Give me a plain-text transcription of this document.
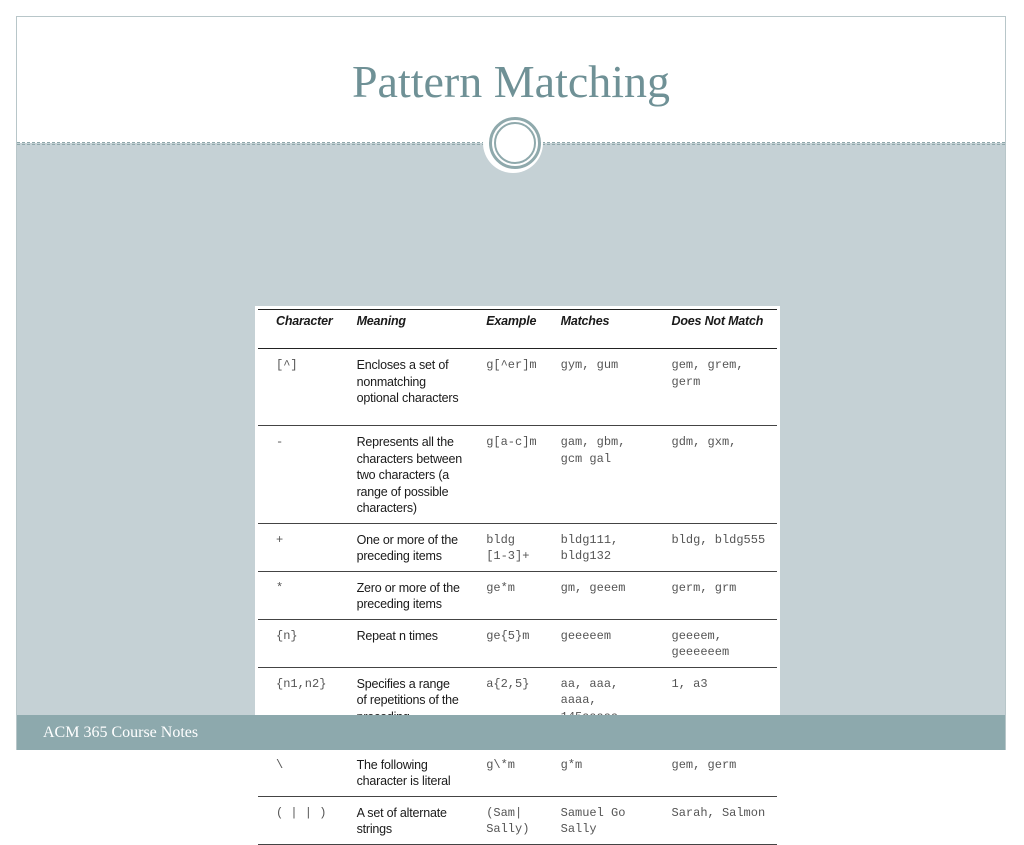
Pattern Matching
Character	Meaning	Example	Matches	Does Not Match
[^]	Encloses a set of nonmatching optional characters	g[^er]m	gym, gum	gem, grem, germ
-	Represents all the characters between two characters (a range of possible characters)	g[a-c]m	gam, gbm, gcm gal	gdm, gxm,
+	One or more of the preceding items	bldg [1-3]+	bldg111, bldg132	bldg, bldg555
*	Zero or more of the preceding items	ge*m	gm, geeem	germ, grm
{n}	Repeat n times	ge{5}m	geeeeem	geeeem, geeeeeem
{n1,n2}	Specifies a range of repetitions of the	a{2,5}	aa, aaa, aaaa,	1, a3
\	The following character is literal	g\*m	g*m	gem, germ
( | | )	A set of alternate strings	(Sam| Sally)	Samuel Go Sally	Sarah, Salmon
ACM 365 Course Notes
